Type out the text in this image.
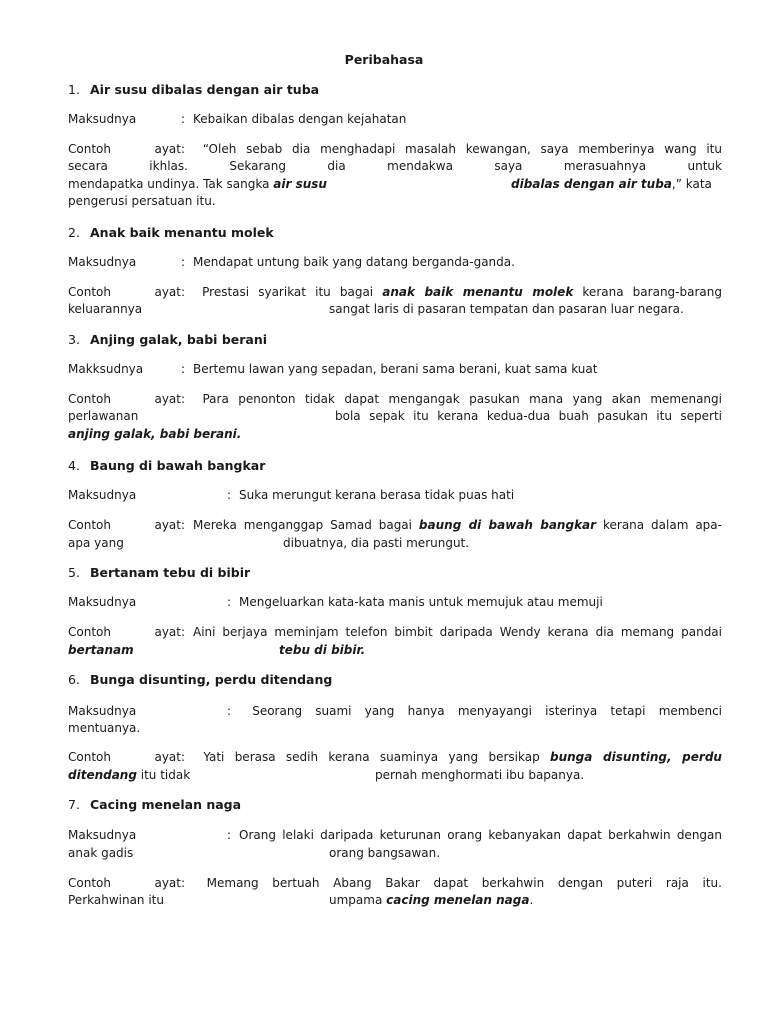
Peribahasa
1. Air susu dibalas dengan air tuba
Maksudnya	: Kebaikan dibalas dengan kejahatan
Contoh ayat: “Oleh sebab dia menghadapi masalah kewangan, saya memberinya wang itu
secara ikhlas.	Sekarang dia mendakwa saya merasuahnya untuk
mendapatka undinya. Tak sangka air susu	dibalas dengan air tuba,” kata
pengerusi persatuan itu.
2. Anak baik menantu molek
Maksudnya	: Mendapat untung baik yang datang berganda-ganda.
Contoh ayat: Prestasi syarikat itu bagai anak baik menantu molek kerana barang-barang
keluarannya	sangat laris di pasaran tempatan dan pasaran luar negara.
3. Anjing galak, babi berani
Makksudnya	: Bertemu lawan yang sepadan, berani sama berani, kuat sama kuat
Contoh ayat: Para penonton tidak dapat mengangak pasukan mana yang akan memenangi
perlawanan	bola sepak itu kerana kedua-dua buah pasukan itu seperti
anjing galak, babi berani.
4. Baung di bawah bangkar
Maksudnya	: Suka merungut kerana berasa tidak puas hati
Contoh ayat: Mereka menganggap Samad bagai baung di bawah bangkar kerana dalam apa-
apa yang	dibuatnya, dia pasti merungut.
5. Bertanam tebu di bibir
Maksudnya	: Mengeluarkan kata-kata manis untuk memujuk atau memuji
Contoh ayat: Aini berjaya meminjam telefon bimbit daripada Wendy kerana dia memang pandai
bertanam	tebu di bibir.
6. Bunga disunting, perdu ditendang
Maksudnya	: Seorang suami yang hanya menyayangi isterinya tetapi membenci
mentuanya.
Contoh ayat: Yati berasa sedih kerana suaminya yang bersikap bunga disunting, perdu
ditendang itu tidak	pernah menghormati ibu bapanya.
7. Cacing menelan naga
Maksudnya	: Orang lelaki daripada keturunan orang kebanyakan dapat berkahwin dengan
anak gadis	orang bangsawan.
Contoh ayat: Memang bertuah Abang Bakar dapat berkahwin dengan puteri raja itu.
Perkahwinan itu	umpama cacing menelan naga.
